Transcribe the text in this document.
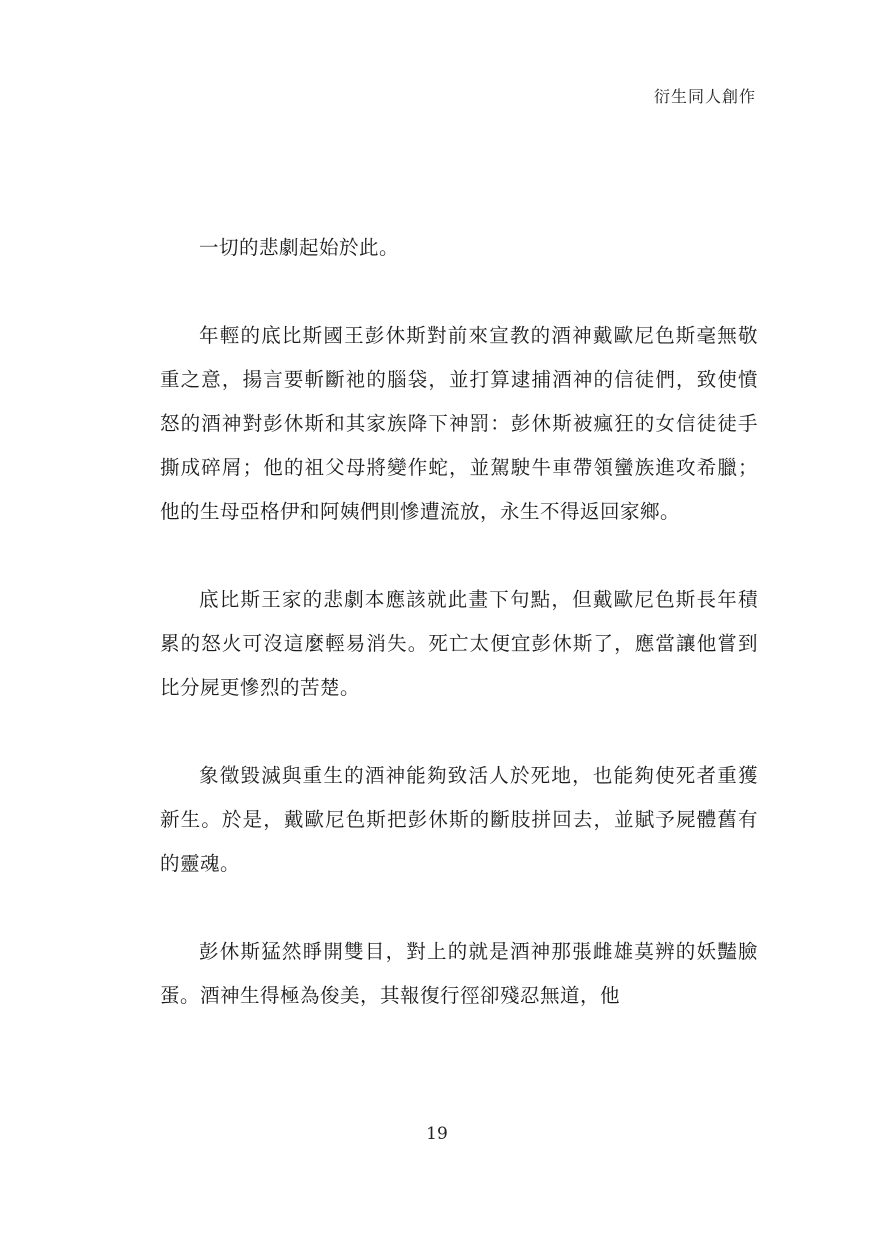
衍生同人創作

一切的悲劇起始於此。

年輕的底比斯國王彭休斯對前來宣教的酒神戴歐尼色斯毫無敬重之意，揚言要斬斷祂的腦袋，並打算逮捕酒神的信徒們，致使憤怒的酒神對彭休斯和其家族降下神罰：彭休斯被瘋狂的女信徒徒手撕成碎屑；他的祖父母將變作蛇，並駕駛牛車帶領蠻族進攻希臘；他的生母亞格伊和阿姨們則慘遭流放，永生不得返回家鄉。

底比斯王家的悲劇本應該就此畫下句點，但戴歐尼色斯長年積累的怒火可沒這麼輕易消失。死亡太便宜彭休斯了，應當讓他嘗到比分屍更慘烈的苦楚。

象徵毀滅與重生的酒神能夠致活人於死地，也能夠使死者重獲新生。於是，戴歐尼色斯把彭休斯的斷肢拼回去，並賦予屍體舊有的靈魂。

彭休斯猛然睜開雙目，對上的就是酒神那張雌雄莫辨的妖豔臉蛋。酒神生得極為俊美，其報復行徑卻殘忍無道，他

19
